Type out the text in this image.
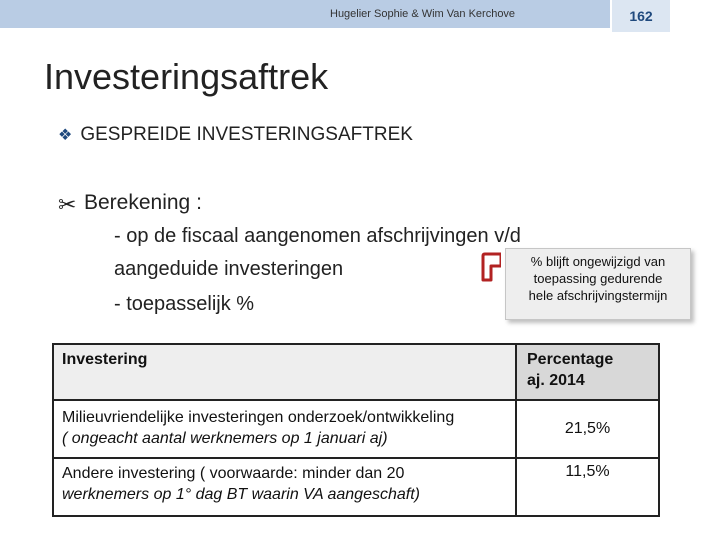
Hugelier Sophie & Wim Van Kerchove	162
Investeringsaftrek
❖ GESPREIDE INVESTERINGSAFTREK
✂ Berekening :
- op de fiscaal aangenomen afschrijvingen v/d
aangeduide investeringen
- toepasselijk %
% blijft ongewijzigd van
toepassing gedurende
hele afschrijvingstermijn
Investering	Percentage
aj. 2014
Milieuvriendelijke investeringen onderzoek/ontwikkeling
( ongeacht aantal werknemers op 1 januari aj)
21,5%
Andere investering ( voorwaarde: minder dan 20
werknemers op 1° dag BT waarin VA aangeschaft)
11,5%
